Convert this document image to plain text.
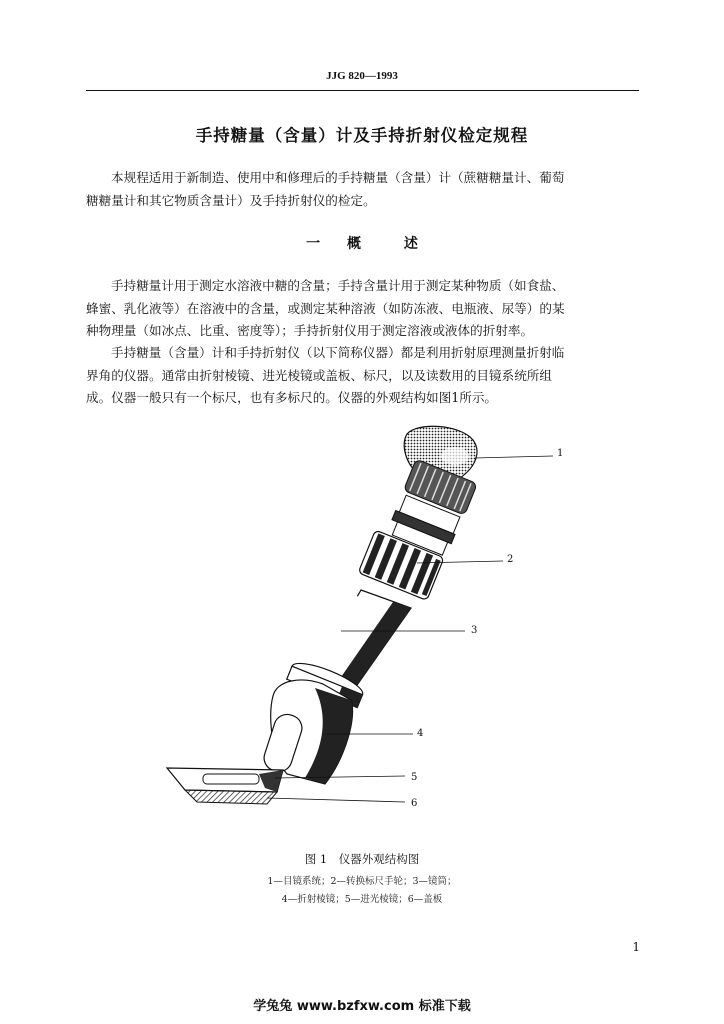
JJG 820—1993
手持糖量（含量）计及手持折射仪检定规程
本规程适用于新制造、使用中和修理后的手持糖量（含量）计（蔗糖糖量计、葡萄
糖糖量计和其它物质含量计）及手持折射仪的检定。
一 概	述
手持糖量计用于测定水溶液中糖的含量；手持含量计用于测定某种物质（如食盐、
蜂蜜、乳化液等）在溶液中的含量，或测定某种溶液（如防冻液、电瓶液、尿等）的某
种物理量（如冰点、比重、密度等）；手持折射仪用于测定溶液或液体的折射率。
手持糖量（含量）计和手持折射仪（以下简称仪器）都是利用折射原理测量折射临
界角的仪器。通常由折射棱镜、进光棱镜或盖板、标尺，以及读数用的目镜系统所组
成。仪器一般只有一个标尺，也有多标尺的。仪器的外观结构如图1所示。
1
2
3
4
5
6
图 1　仪器外观结构图
1—目镜系统；2—转换标尺手轮；3—镜筒；
4—折射棱镜；5—进光棱镜；6—盖板
1
学兔兔 www.bzfxw.com 标准下载
